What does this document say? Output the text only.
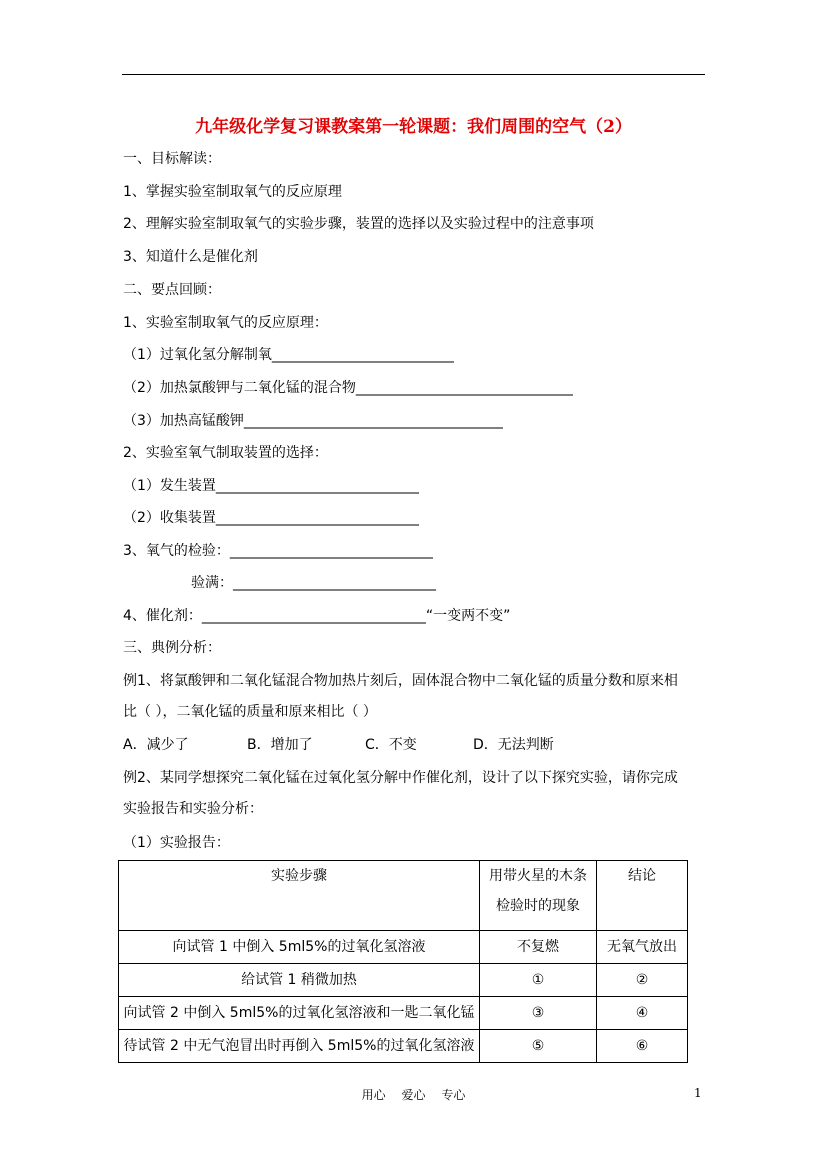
九年级化学复习课教案第一轮课题：我们周围的空气（2）
一、目标解读：
1、掌握实验室制取氧气的反应原理
2、理解实验室制取氧气的实验步骤，装置的选择以及实验过程中的注意事项
3、知道什么是催化剂
二、要点回顾：
1、实验室制取氧气的反应原理：
（1）过氧化氢分解制氧__________________________
（2）加热氯酸钾与二氧化锰的混合物_______________________________
（3）加热高锰酸钾_____________________________________
2、实验室氧气制取装置的选择：
（1）发生装置_____________________________
（2）收集装置_____________________________
3、氧气的检验：_____________________________
验满：_____________________________
4、催化剂：________________________________“一变两不变”
三、典例分析：
例1、将氯酸钾和二氧化锰混合物加热片刻后，固体混合物中二氧化锰的质量分数和原来相
比（ ），二氧化锰的质量和原来相比（ ）
A．减少了	B．增加了	C．不变	D．无法判断
例2、某同学想探究二氧化锰在过氧化氢分解中作催化剂，设计了以下探究实验，请你完成
实验报告和实验分析：
（1）实验报告：
实验步骤	用带火星的木条检验时的现象	结论
向试管 1 中倒入 5ml5%的过氧化氢溶液	不复燃	无氧气放出
给试管 1 稍微加热	①	②
向试管 2 中倒入 5ml5%的过氧化氢溶液和一匙二氧化锰	③	④
待试管 2 中无气泡冒出时再倒入 5ml5%的过氧化氢溶液	⑤	⑥
用心 爱心 专心	1
